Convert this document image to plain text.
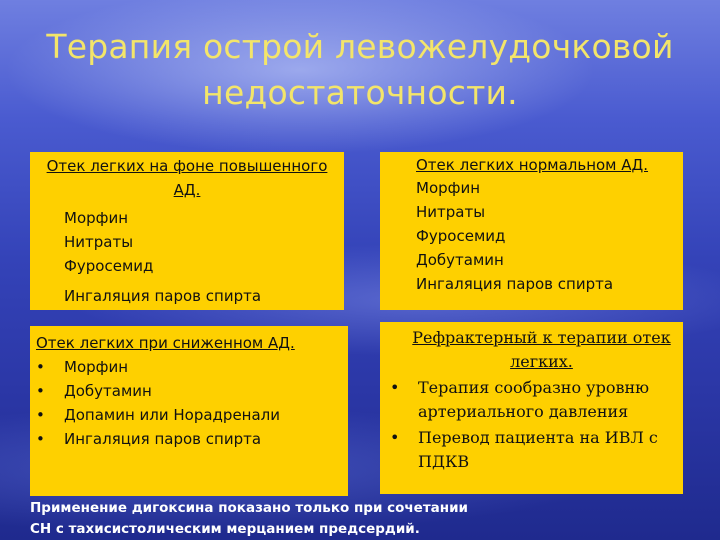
Терапия острой левожелудочковой
недостаточности.
Отек легких на фоне повышенного
АД.
Морфин
Нитраты
Фуросемид
Ингаляция паров спирта
Отек легких нормальном АД.
Морфин
Нитраты
Фуросемид
Добутамин
Ингаляция паров спирта
Отек легких при сниженном АД.
•	Морфин
•	Добутамин
•	Допамин или Норадренали
•	Ингаляция паров спирта
Рефрактерный к терапии отек
легких.
•	Терапия сообразно уровню
артериального давления
•	Перевод пациента на ИВЛ с
ПДКВ
Применение дигоксина показано только при сочетании
СН с тахисистолическим мерцанием предсердий.
